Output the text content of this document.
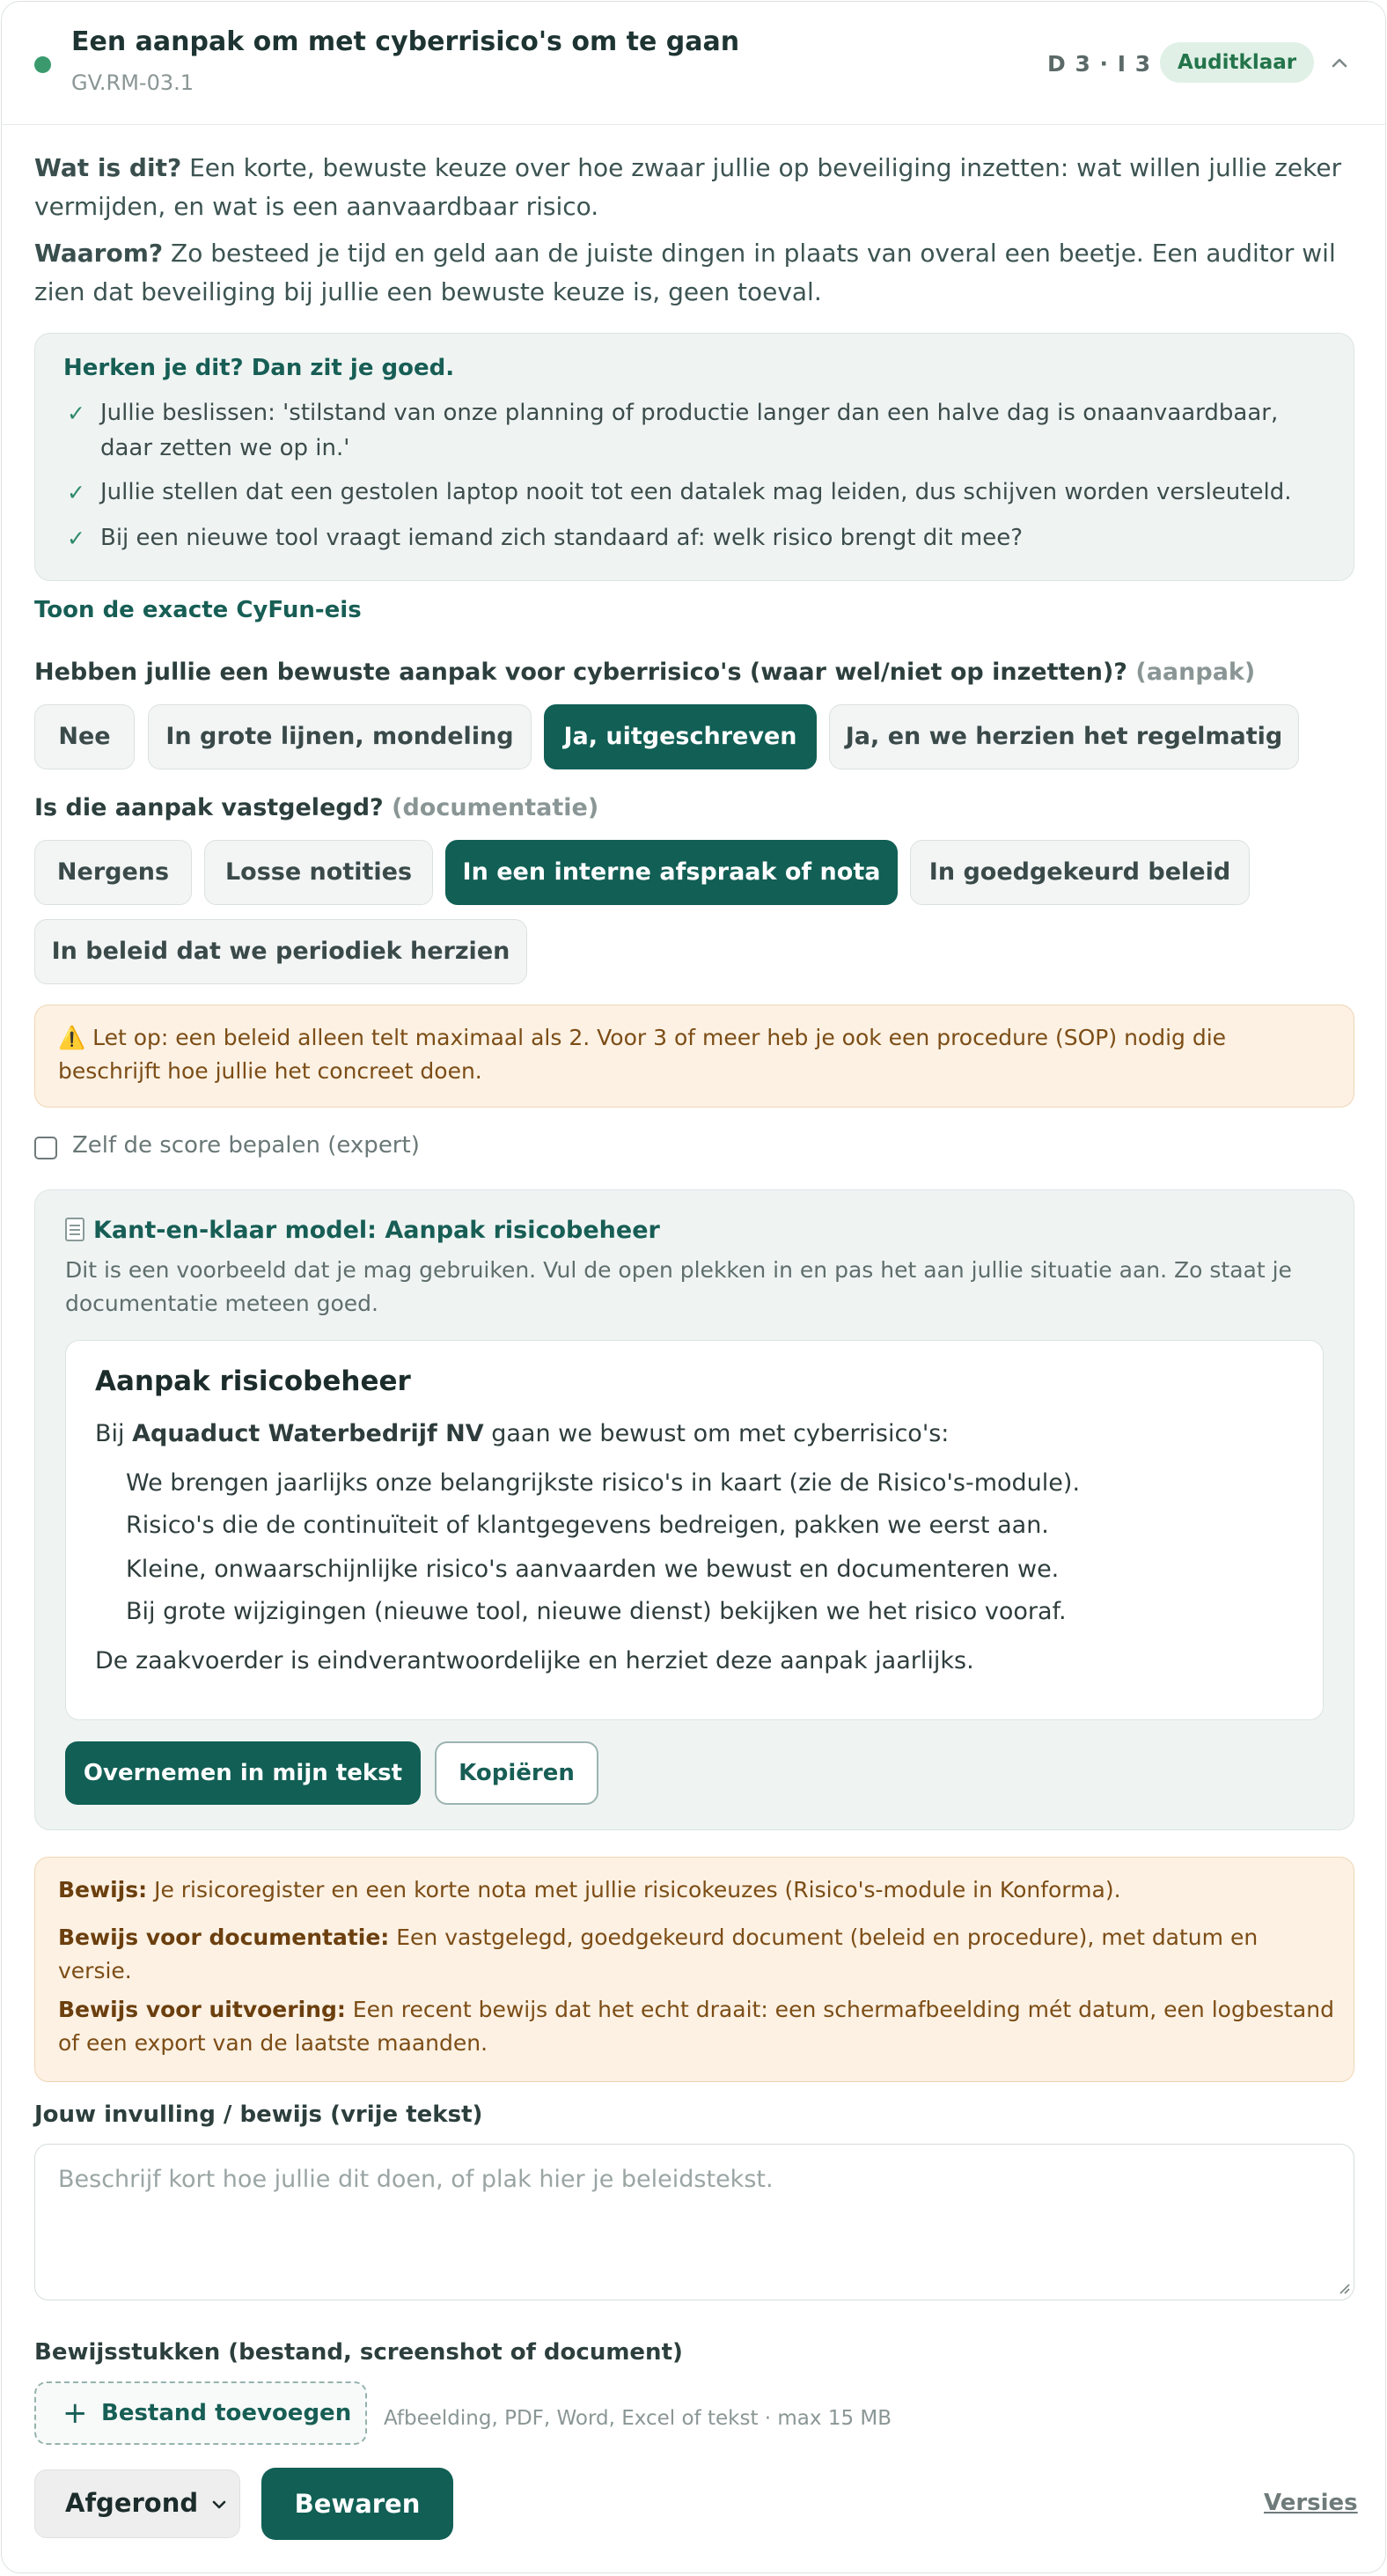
Een aanpak om met cyberrisico's om te gaan
GV.RM-03.1
D 3 · I 3	Auditklaar
Wat is dit? Een korte, bewuste keuze over hoe zwaar jullie op beveiliging inzetten: wat willen jullie zeker
vermijden, en wat is een aanvaardbaar risico.
Waarom? Zo besteed je tijd en geld aan de juiste dingen in plaats van overal een beetje. Een auditor wil
zien dat beveiliging bij jullie een bewuste keuze is, geen toeval.
Herken je dit? Dan zit je goed.
✓ Jullie beslissen: 'stilstand van onze planning of productie langer dan een halve dag is onaanvaardbaar, daar zetten we op in.'
✓ Jullie stellen dat een gestolen laptop nooit tot een datalek mag leiden, dus schijven worden versleuteld.
✓ Bij een nieuwe tool vraagt iemand zich standaard af: welk risico brengt dit mee?
Toon de exacte CyFun-eis
Hebben jullie een bewuste aanpak voor cyberrisico's (waar wel/niet op inzetten)? (aanpak)
Nee	In grote lijnen, mondeling	Ja, uitgeschreven	Ja, en we herzien het regelmatig
Is die aanpak vastgelegd? (documentatie)
Nergens	Losse notities	In een interne afspraak of nota	In goedgekeurd beleid
In beleid dat we periodiek herzien
⚠️ Let op: een beleid alleen telt maximaal als 2. Voor 3 of meer heb je ook een procedure (SOP) nodig die beschrijft hoe jullie het concreet doen.
Zelf de score bepalen (expert)
Kant-en-klaar model: Aanpak risicobeheer
Dit is een voorbeeld dat je mag gebruiken. Vul de open plekken in en pas het aan jullie situatie aan. Zo staat je documentatie meteen goed.
Aanpak risicobeheer
Bij Aquaduct Waterbedrijf NV gaan we bewust om met cyberrisico's:
We brengen jaarlijks onze belangrijkste risico's in kaart (zie de Risico's-module).
Risico's die de continuïteit of klantgegevens bedreigen, pakken we eerst aan.
Kleine, onwaarschijnlijke risico's aanvaarden we bewust en documenteren we.
Bij grote wijzigingen (nieuwe tool, nieuwe dienst) bekijken we het risico vooraf.
De zaakvoerder is eindverantwoordelijke en herziet deze aanpak jaarlijks.
Overnemen in mijn tekst	Kopiëren
Bewijs: Je risicoregister en een korte nota met jullie risicokeuzes (Risico's-module in Konforma).
Bewijs voor documentatie: Een vastgelegd, goedgekeurd document (beleid en procedure), met datum en versie.
Bewijs voor uitvoering: Een recent bewijs dat het echt draait: een schermafbeelding mét datum, een logbestand of een export van de laatste maanden.
Jouw invulling / bewijs (vrije tekst)
Beschrijf kort hoe jullie dit doen, of plak hier je beleidstekst.
Bewijsstukken (bestand, screenshot of document)
+ Bestand toevoegen Afbeelding, PDF, Word, Excel of tekst · max 15 MB
Afgerond	Bewaren	Versies
